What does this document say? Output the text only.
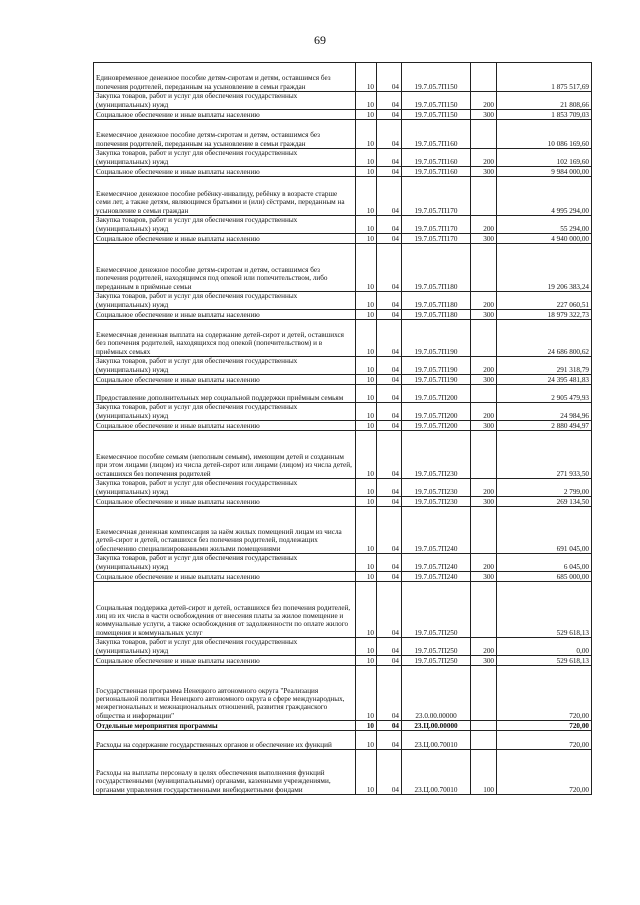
69
Единовременное денежное пособие детям-сиротам и детям, оставшимся без попечения родителей, переданным на усыновление в семьи граждан	10	04	19.7.05.7П150		1 875 517,69
Закупка товаров, работ и услуг для обеспечения государственных (муниципальных) нужд	10	04	19.7.05.7П150	200	21 808,66
Социальное обеспечение и иные выплаты населению	10	04	19.7.05.7П150	300	1 853 709,03
Ежемесячное денежное пособие детям-сиротам и детям, оставшимся без попечения родителей, переданным на усыновление в семьи граждан	10	04	19.7.05.7П160		10 086 169,60
Закупка товаров, работ и услуг для обеспечения государственных (муниципальных) нужд	10	04	19.7.05.7П160	200	102 169,60
Социальное обеспечение и иные выплаты населению	10	04	19.7.05.7П160	300	9 984 000,00
Ежемесячное денежное пособие ребёнку-инвалиду, ребёнку в возрасте старше семи лет, а также детям, являющимся братьями и (или) сёстрами, переданным на усыновление в семьи граждан	10	04	19.7.05.7П170		4 995 294,00
Закупка товаров, работ и услуг для обеспечения государственных (муниципальных) нужд	10	04	19.7.05.7П170	200	55 294,00
Социальное обеспечение и иные выплаты населению	10	04	19.7.05.7П170	300	4 940 000,00
Ежемесячное денежное пособие детям-сиротам и детям, оставшимся без попечения родителей, находящимся под опекой или попечительством, либо переданным в приёмные семьи	10	04	19.7.05.7П180		19 206 383,24
Закупка товаров, работ и услуг для обеспечения государственных (муниципальных) нужд	10	04	19.7.05.7П180	200	227 060,51
Социальное обеспечение и иные выплаты населению	10	04	19.7.05.7П180	300	18 979 322,73
Ежемесячная денежная выплата на содержание детей-сирот и детей, оставшихся без попечения родителей, находящихся под опекой (попечительством) и в приёмных семьях	10	04	19.7.05.7П190		24 686 800,62
Закупка товаров, работ и услуг для обеспечения государственных (муниципальных) нужд	10	04	19.7.05.7П190	200	291 318,79
Социальное обеспечение и иные выплаты населению	10	04	19.7.05.7П190	300	24 395 481,83
Предоставление дополнительных мер социальной поддержки приёмным семьям	10	04	19.7.05.7П200		2 905 479,93
Закупка товаров, работ и услуг для обеспечения государственных (муниципальных) нужд	10	04	19.7.05.7П200	200	24 984,96
Социальное обеспечение и иные выплаты населению	10	04	19.7.05.7П200	300	2 880 494,97
Ежемесячное пособие семьям (неполным семьям), имеющим детей и созданным при этом лицами (лицом) из числа детей-сирот или лицами (лицом) из числа детей, оставшихся без попечения родителей	10	04	19.7.05.7П230		271 933,50
Закупка товаров, работ и услуг для обеспечения государственных (муниципальных) нужд	10	04	19.7.05.7П230	200	2 799,00
Социальное обеспечение и иные выплаты населению	10	04	19.7.05.7П230	300	269 134,50
Ежемесячная денежная компенсация за наём жилых помещений лицам из числа детей-сирот и детей, оставшихся без попечения родителей, подлежащих обеспечению специализированными жилыми помещениями	10	04	19.7.05.7П240		691 045,00
Закупка товаров, работ и услуг для обеспечения государственных (муниципальных) нужд	10	04	19.7.05.7П240	200	6 045,00
Социальное обеспечение и иные выплаты населению	10	04	19.7.05.7П240	300	685 000,00
Социальная поддержка детей-сирот и детей, оставшихся без попечения родителей, лиц из их числа в части освобождения от внесения платы за жилое помещение и коммунальные услуги, а также освобождения от задолженности по оплате жилого помещения и коммунальных услуг	10	04	19.7.05.7П250		529 618,13
Закупка товаров, работ и услуг для обеспечения государственных (муниципальных) нужд	10	04	19.7.05.7П250	200	0,00
Социальное обеспечение и иные выплаты населению	10	04	19.7.05.7П250	300	529 618,13
Государственная программа Ненецкого автономного округа "Реализация региональной политики Ненецкого автономного округа в сфере международных, межрегиональных и межнациональных отношений, развития гражданского общества и информации"	10	04	23.0.00.00000		720,00
Отдельные мероприятия программы	10	04	23.Ц.00.00000		720,00
Расходы на содержание государственных органов и обеспечение их функций	10	04	23.Ц.00.70010		720,00
Расходы на выплаты персоналу в целях обеспечения выполнения функций государственными (муниципальными) органами, казенными учреждениями, органами управления государственными внебюджетными фондами	10	04	23.Ц.00.70010	100	720,00
